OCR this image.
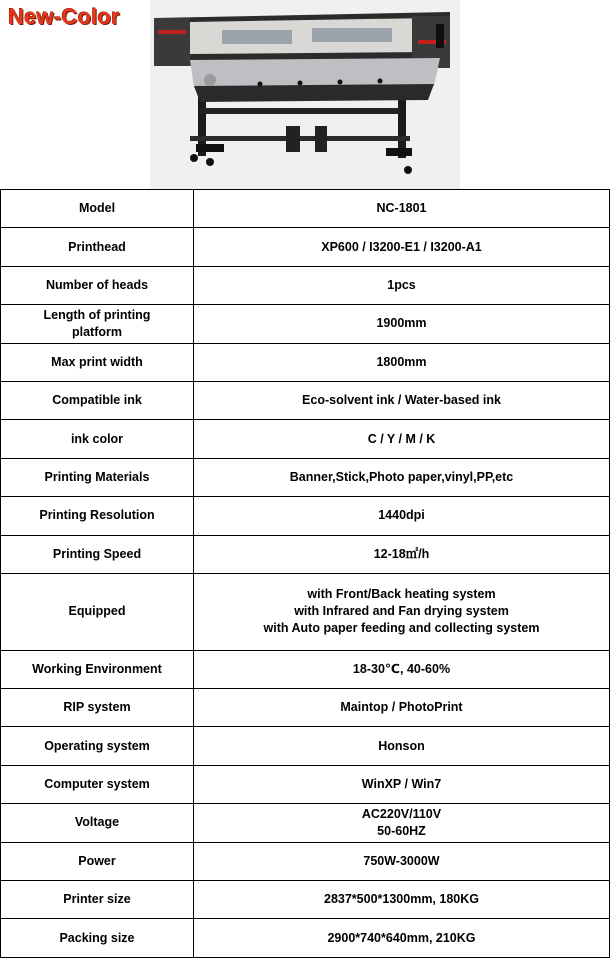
New-Color
Model	NC-1801
Printhead	XP600 / I3200-E1 / I3200-A1
Number of heads	1pcs

Length of printing
platform	1900mm
Max print width	1800mm
Compatible ink	Eco-solvent ink / Water-based ink
ink color	C / Y / M / K
Printing Materials	Banner,Stick,Photo paper,vinyl,PP,etc
Printing Resolution	1440dpi
Printing Speed	12-18㎡/h
Equipped	with Front/Back heating system
with Infrared and Fan drying system
with Auto paper feeding and collecting system

Working Environment	18-30℃, 40-60%
RIP system	Maintop / PhotoPrint
Operating system	Honson
Computer system	WinXP / Win7
Voltage	AC220V/110V
50-60HZ

Power	750W-3000W
Printer size	2837*500*1300mm, 180KG
Packing size	2900*740*640mm, 210KG
